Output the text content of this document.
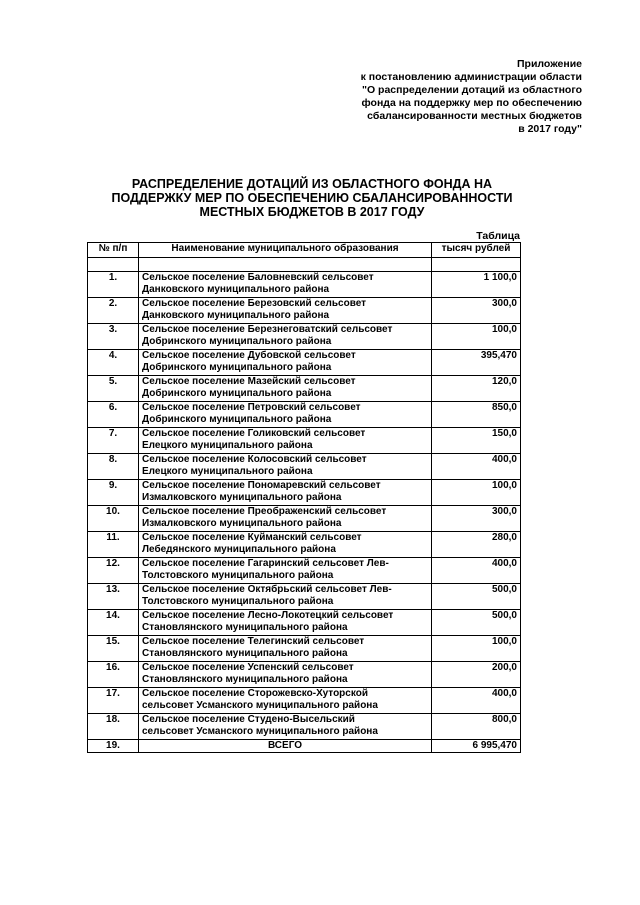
Приложение
к постановлению администрации области
"О распределении дотаций из областного
фонда на поддержку мер по обеспечению
сбалансированности местных бюджетов
в 2017 году"
РАСПРЕДЕЛЕНИЕ ДОТАЦИЙ ИЗ ОБЛАСТНОГО ФОНДА НА
ПОДДЕРЖКУ МЕР ПО ОБЕСПЕЧЕНИЮ СБАЛАНСИРОВАННОСТИ
МЕСТНЫХ БЮДЖЕТОВ В 2017 ГОДУ
Таблица
№ п/п	Наименование муниципального образования	тысяч рублей

1.	Сельское поселение Баловневский сельсовет
Данковского муниципального района	1 100,0
2.	Сельское поселение Березовский сельсовет
Данковского муниципального района	300,0
3.	Сельское поселение Березнеговатский сельсовет
Добринского муниципального района	100,0
4.	Сельское поселение Дубовской сельсовет
Добринского муниципального района	395,470
5.	Сельское поселение Мазейский сельсовет
Добринского муниципального района	120,0
6.	Сельское поселение Петровский сельсовет
Добринского муниципального района	850,0
7.	Сельское поселение Голиковский сельсовет
Елецкого муниципального района	150,0
8.	Сельское поселение Колосовский сельсовет
Елецкого муниципального района	400,0
9.	Сельское поселение Пономаревский сельсовет
Измалковского муниципального района	100,0
10.	Сельское поселение Преображенский сельсовет
Измалковского муниципального района	300,0
11.	Сельское поселение Куйманский сельсовет
Лебедянского муниципального района	280,0
12.	Сельское поселение Гагаринский сельсовет Лев-
Толстовского муниципального района	400,0
13.	Сельское поселение Октябрьский сельсовет Лев-
Толстовского муниципального района	500,0
14.	Сельское поселение Лесно-Локотецкий сельсовет
Становлянского муниципального района	500,0
15.	Сельское поселение Телегинский сельсовет
Становлянского муниципального района	100,0
16.	Сельское поселение Успенский сельсовет
Становлянского муниципального района	200,0
17.	Сельское поселение Сторожевско-Хуторской
сельсовет Усманского муниципального района	400,0
18.	Сельское поселение Студено-Высельский
сельсовет Усманского муниципального района	800,0
19.	ВСЕГО	6 995,470
